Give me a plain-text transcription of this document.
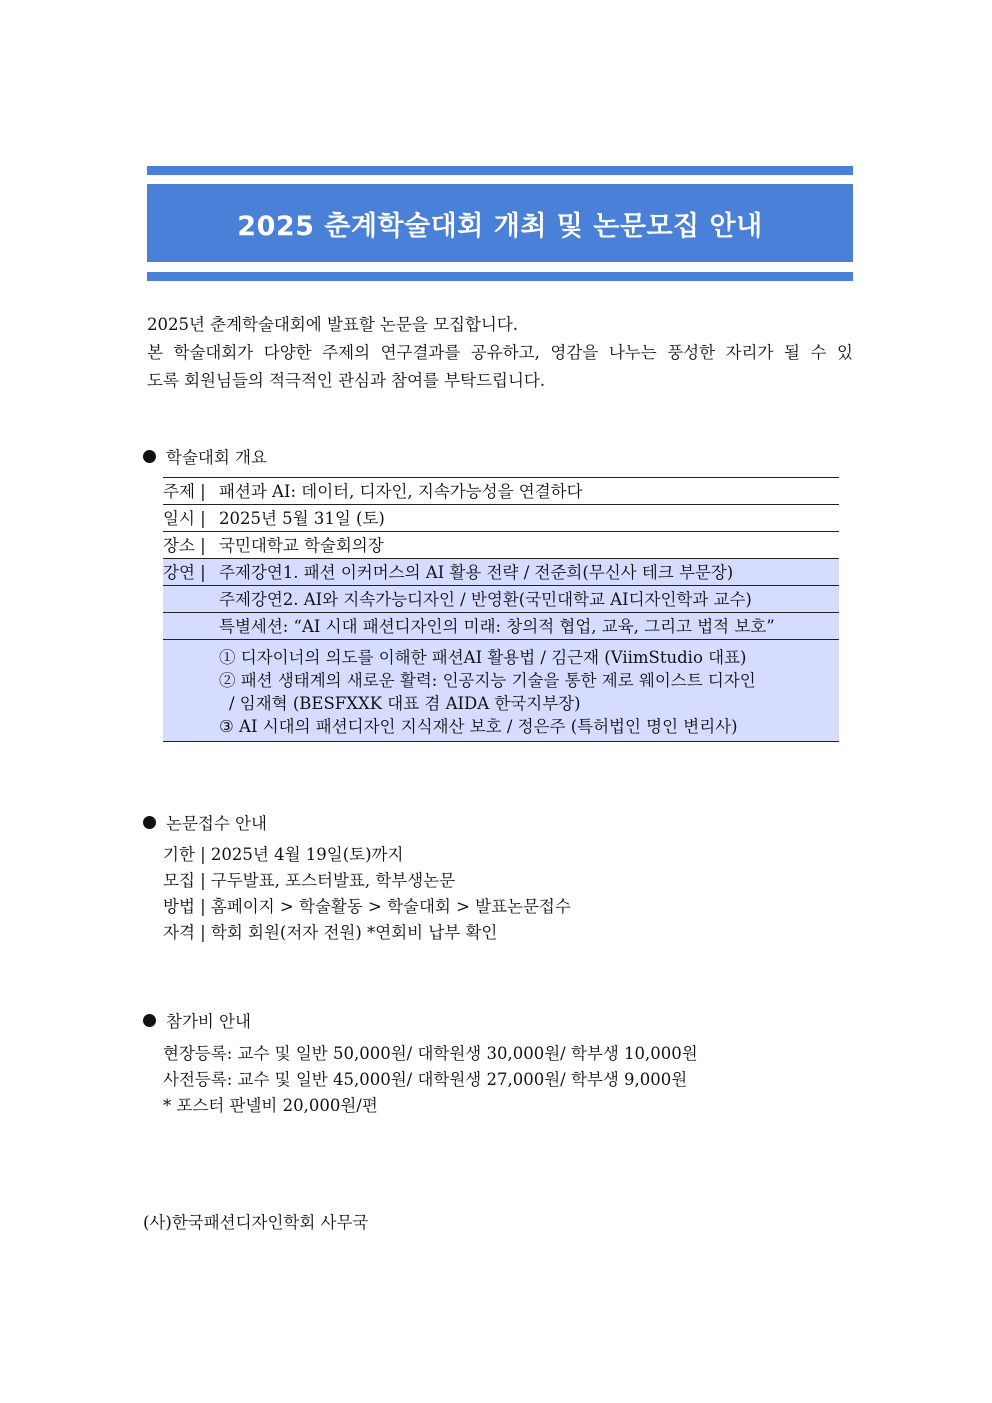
2025 춘계학술대회 개최 및 논문모집 안내

2025년 춘계학술대회에 발표할 논문을 모집합니다.

본 학술대회가 다양한 주제의 연구결과를 공유하고, 영감을 나누는 풍성한 자리가 될 수 있

도록 회원님들의 적극적인 관심과 참여를 부탁드립니다.

학술대회 개요
주제 |	패션과 AI: 데이터, 디자인, 지속가능성을 연결하다

일시 |	2025년 5월 31일 (토)

장소 |	국민대학교 학술회의장

강연 |	주제강연1. 패션 이커머스의 AI 활용 전략 / 전준희(무신사 테크 부문장)

	주제강연2. AI와 지속가능디자인 / 반영환(국민대학교 AI디자인학과 교수)

	특별세션: “AI 시대 패션디자인의 미래: 창의적 협업, 교육, 그리고 법적 보호”

	① 디자이너의 의도를 이해한 패션AI 활용법 / 김근재 (ViimStudio 대표)
② 패션 생태계의 새로운 활력: 인공지능 기술을 통한 제로 웨이스트 디자인
/ 임재혁 (BESFXXK 대표 겸 AIDA 한국지부장)
③ AI 시대의 패션디자인 지식재산 보호 / 정은주 (특허법인 명인 변리사)
논문접수 안내
기한 | 2025년 4월 19일(토)까지
모집 | 구두발표, 포스터발표, 학부생논문
방법 | 홈페이지 > 학술활동 > 학술대회 > 발표논문접수
자격 | 학회 회원(저자 전원) *연회비 납부 확인
참가비 안내
현장등록: 교수 및 일반 50,000원/ 대학원생 30,000원/ 학부생 10,000원
사전등록: 교수 및 일반 45,000원/ 대학원생 27,000원/ 학부생 9,000원
* 포스터 판넬비 20,000원/편
(사)한국패션디자인학회 사무국
